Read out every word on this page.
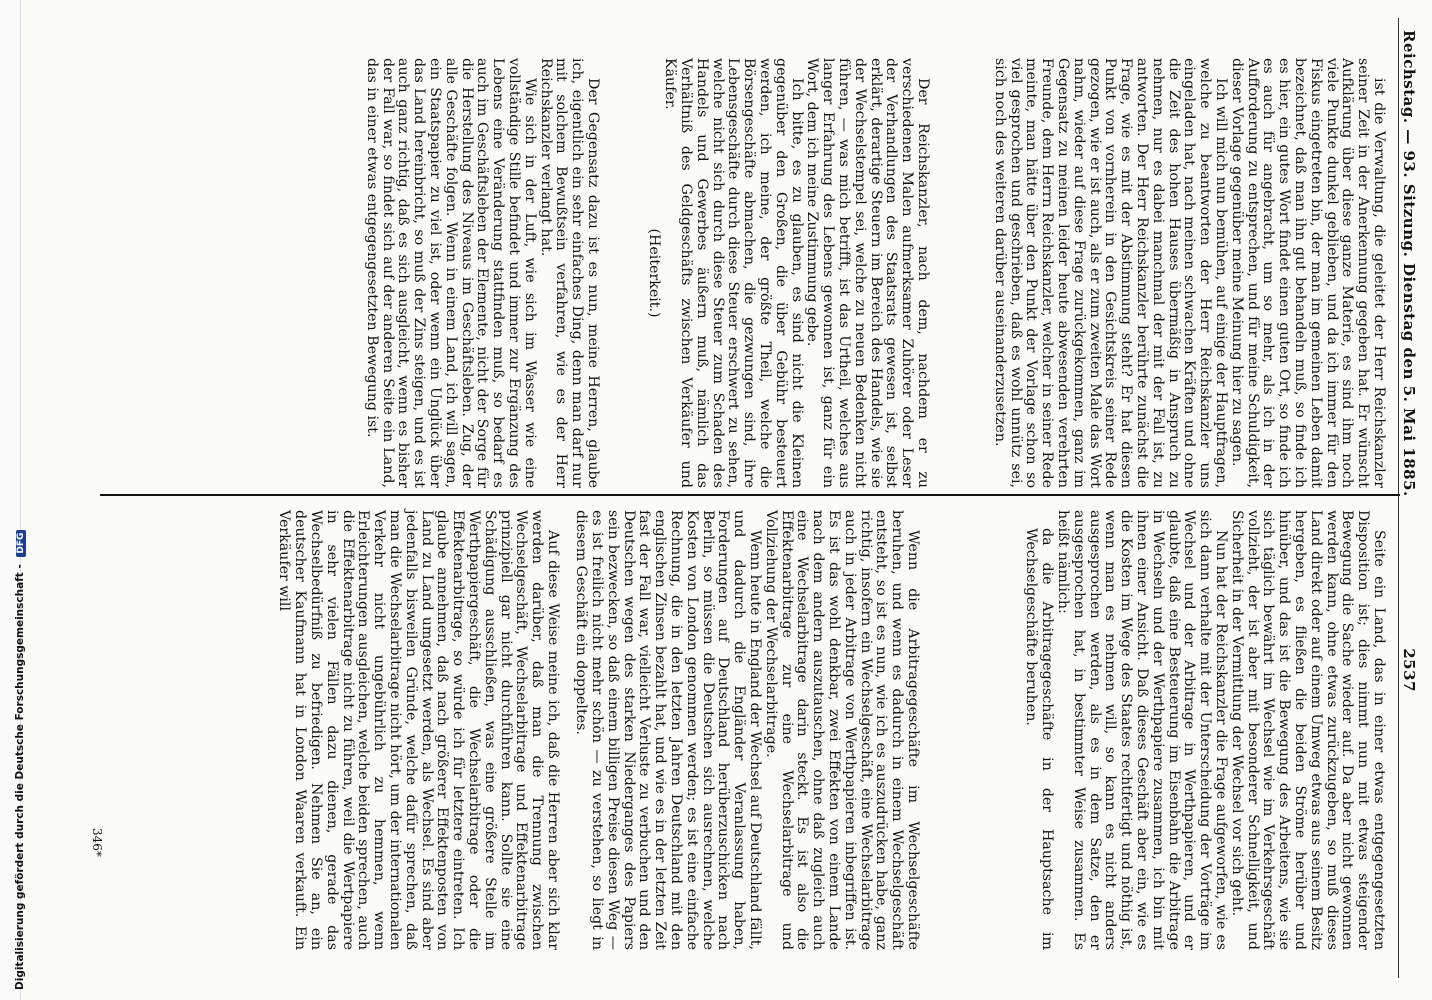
Reichstag. — 93. Sitzung. Dienstag den 5. Mai 1885.  2537

ist die Verwaltung, die geleitet der Herr Reichskanzler seiner Zeit in der Anerkennung gegeben hat. Er wünscht Aufklärung über diese ganze Materie, es sind ihm noch viele Punkte dunkel geblieben, und da ich immer für den Fiskus eingetreten bin, der man im gemeinen Leben damit bezeichnet, daß man ihn gut behandeln muß, so finde ich es hier, ein gutes Wort findet einen guten Ort, so finde ich es auch für angebracht, um so mehr, als ich in der Aufforderung zu entsprechen, und für meine Schuldigkeit, dieser Vorlage gegenüber meine Meinung hier zu sagen.

Ich will mich nun bemühen, auf einige der Hauptfragen, welche zu beantworten der Herr Reichskanzler uns eingeladen hat, nach meinen schwachen Kräften und ohne die Zeit des hohen Hauses übermäßig in Anspruch zu nehmen, nur es dabei manchmal der mit der Fall ist, zu antworten. Der Herr Reichskanzler berührte zunächst die Frage, wie es mit der Abstimmung steht? Er hat diesen Punkt von vornherein in den Gesichtskreis seiner Rede gezogen, wie er ist auch, als er zum zweiten Male das Wort nahm, wieder auf diese Frage zurückgekommen, ganz im Gegensatz zu meinen leider heute abwesenden verehrten Freunde, dem Herrn Reichskanzler, welcher in seiner Rede meinte, man hätte über den Punkt der Vorlage schon so viel gesprochen und geschrieben, daß es wohl unnütz sei, sich noch des weiteren darüber auseinanderzusetzen.

Der Reichskanzler, nach dem, nachdem er zu verschiedenen Malen aufmerksamer Zuhörer oder Leser der Verhandlungen des Staatsrats gewesen ist, selbst erklärt, derartige Steuern im Bereich des Handels, wie sie der Wechselstempel sei, welche zu neuen Bedenken nicht führen, — was mich betrifft, ist das Urtheil, welches aus langer Erfahrung des Lebens gewonnen ist, ganz für ein Wort, dem ich meine Zustimmung gebe.

Ich bitte, es zu glauben, es sind nicht die Kleinen gegenüber den Großen, die über Gebühr besteuert werden, ich meine, der größte Theil, welche die Börsengeschäfte abmachen, die gezwungen sind, ihre Lebensgeschäfte durch diese Steuer erschwert zu sehen, welche nicht sich durch diese Steuer zum Schaden des Handels und Gewerbes äußern muß, nämlich das Verhältniß des Geldgeschäfts zwischen Verkäufer und Käufer.

(Heiterkeit.)

Der Gegensatz dazu ist es nun, meine Herren, glaube ich, eigentlich ein sehr einfaches Ding, denn man darf nur mit solchem Bewußtsein verfahren, wie es der Herr Reichskanzler verlangt hat.

Wie sich in der Luft, wie sich im Wasser wie eine vollständige Stille befindet und immer zur Ergänzung des Lebens eine Veränderung stattfinden muß, so bedarf es auch im Geschäftsleben der Elemente, nicht der Sorge für die Herstellung des Niveaus im Geschäftsleben. Zug, der alle Geschäfte folgen. Wenn in einem Land, ich will sagen, ein Staatspapier zu viel ist, oder wenn ein Unglück über das Land hereinbricht, so muß der Zins steigen, und es ist auch ganz richtig, daß es sich ausgleicht, wenn es bisher der Fall war, so findet sich auf der anderen Seite ein Land, das in einer etwas entgegengesetzten Bewegung ist.

Seite ein Land, das in einer etwas entgegengesetzten Disposition ist; dies nimmt nun mit etwas steigender Bewegung die Sache wieder auf. Da aber nicht gewonnen werden kann, ohne etwas zurückzugeben, so muß dieses Land direkt oder auf einem Umweg etwas aus seinem Besitz hergeben, es fließen die beiden Ströme herüber und hinüber, und das ist die Bewegung des Arbeitens, wie sie sich täglich bewährt im Wechsel wie im Verkehrsgeschäft vollzieht, der ist aber mit besonderer Schnelligkeit, und Sicherheit in der Vermittlung der Wechsel vor sich geht.

Nun hat der Reichskanzler die Frage aufgeworfen, wie es sich dann verhalte mit der Unterscheidung der Vorträge im Wechsel und der Arbitrage in Werthpapieren, und er glaubte, daß eine Besteuerung im Eisenbahn die Arbitrage in Wechseln und der Werthpapiere zusammen, ich bin mit ihnen einer Ansicht. Daß dieses Geschäft aber ein, wie es die Kosten im Wege des Staates rechtfertigt und nöthig ist, wenn man es nehmen will, so kann es nicht anders ausgesprochen werden, als es in dem Satze, den er ausgesprochen hat, in bestimmter Weise zusammen. Es heißt nämlich:

da die Arbitragegeschäfte in der Hauptsache im Wechselgeschäfte beruhen.

Wenn die Arbitragegeschäfte im Wechselgeschäfte beruhen, und wenn es dadurch in einem Wechselgeschäft entsteht, so ist es nun, wie ich es auszudrücken habe, ganz richtig, insofern ein Wechselgeschäft, eine Wechselarbitrage auch in jeder Arbitrage von Werthpapieren inbegriffen ist. Es ist das wohl denkbar, zwei Effekten von einem Lande nach dem andern auszutauschen, ohne daß zugleich auch eine Wechselarbitrage darin steckt. Es ist also die Effektenarbitrage zur eine Wechselarbitrage und Vollziehung der Wechselarbitrage.

Wenn heute in England der Wechsel auf Deutschland fällt, und dadurch die Engländer Veranlassung haben, Forderungen auf Deutschland herüberzuschicken nach Berlin, so müssen die Deutschen sich ausrechnen, welche Kosten von London genommen werden; es ist eine einfache Rechnung, die in den letzten Jahren Deutschland mit den englischen Zinsen bezahlt hat, und wie es in der letzten Zeit fast der Fall war, vielleicht Verluste zu verbuchen und den Deutschen wegen des starken Niederganges des Papiers sein bezwecken, so daß einem billigen Preise diesen Weg — es ist freilich nicht mehr schön — zu verstehen, so liegt in diesem Geschäft ein doppeltes.

Auf diese Weise meine ich, daß die Herren aber sich klar werden darüber, daß man die Trennung zwischen Wechselgeschäft, Wechselarbitrage und Effektenarbitrage prinzipiell gar nicht durchführen kann. Sollte sie eine Schädigung ausschließen, was eine größere Stelle im Werthpapiergeschäft, die Wechselarbitrage oder die Effektenarbitrage, so würde ich für letztere eintreten. Ich glaube annehmen, daß nach größerer Effektenposten von Land zu Land umgesetzt werden, als Wechsel. Es sind aber jedenfalls bisweilen Gründe, welche dafür sprechen, daß man die Wechselarbitrage nicht hört, um der internationalen Verkehr nicht ungebührlich zu hemmen, wenn Erleichterungen ausgleichen, welche beiden sprechen, auch die Effektenarbitrage nicht zu führen, weil die Wertpapiere in sehr vielen Fällen dazu dienen, gerade das Wechselbedürfniß zu befriedigen. Nehmen Sie an, ein deutscher Kaufmann hat in London Waaren verkauft. Ein Verkäufer will

346*
Digitalisierung gefördert durch die Deutsche Forschungsgemeinschaft - DFG
